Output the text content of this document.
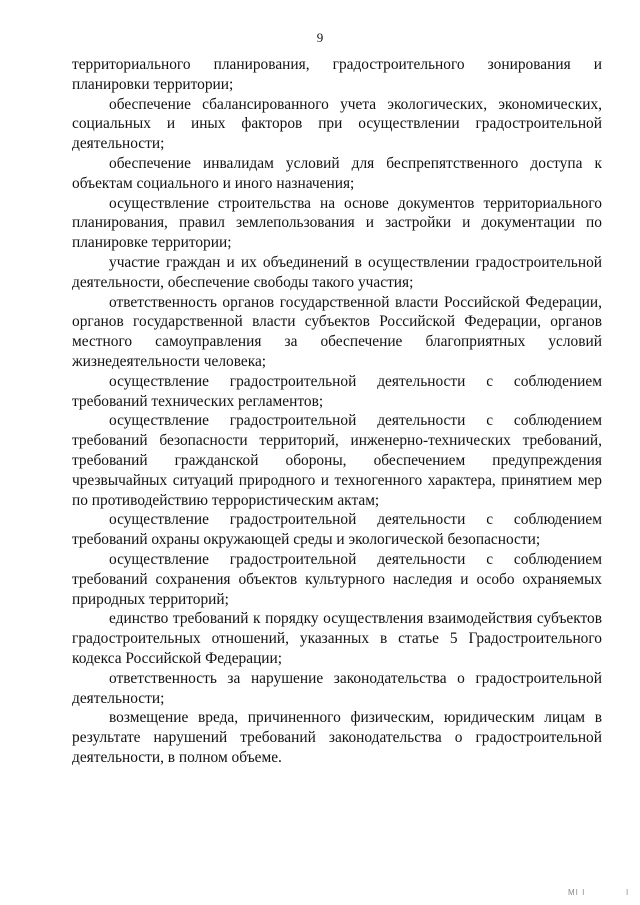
9

территориального планирования, градостроительного зонирования и планировки территории;

обеспечение сбалансированного учета экологических, экономических, социальных и иных факторов при осуществлении градостроительной деятельности;

обеспечение инвалидам условий для беспрепятственного доступа к объектам социального и иного назначения;

осуществление строительства на основе документов территориального планирования, правил землепользования и застройки и документации по планировке территории;

участие граждан и их объединений в осуществлении градостроительной деятельности, обеспечение свободы такого участия;

ответственность органов государственной власти Российской Федерации, органов государственной власти субъектов Российской Федерации, органов местного самоуправления за обеспечение благоприятных условий жизнедеятельности человека;

осуществление градостроительной деятельности с соблюдением требований технических регламентов;

осуществление градостроительной деятельности с соблюдением требований безопасности территорий, инженерно-технических требований, требований гражданской обороны, обеспечением предупреждения чрезвычайных ситуаций природного и техногенного характера, принятием мер по противодействию террористическим актам;

осуществление градостроительной деятельности с соблюдением требований охраны окружающей среды и экологической безопасности;

осуществление градостроительной деятельности с соблюдением требований сохранения объектов культурного наследия и особо охраняемых природных территорий;

единство требований к порядку осуществления взаимодействия субъектов градостроительных отношений, указанных в статье 5 Градостроительного кодекса Российской Федерации;

ответственность за нарушение законодательства о градостроительной деятельности;

возмещение вреда, причиненного физическим, юридическим лицам в результате нарушений требований законодательства о градостроительной деятельности, в полном объеме.

MI I	I
